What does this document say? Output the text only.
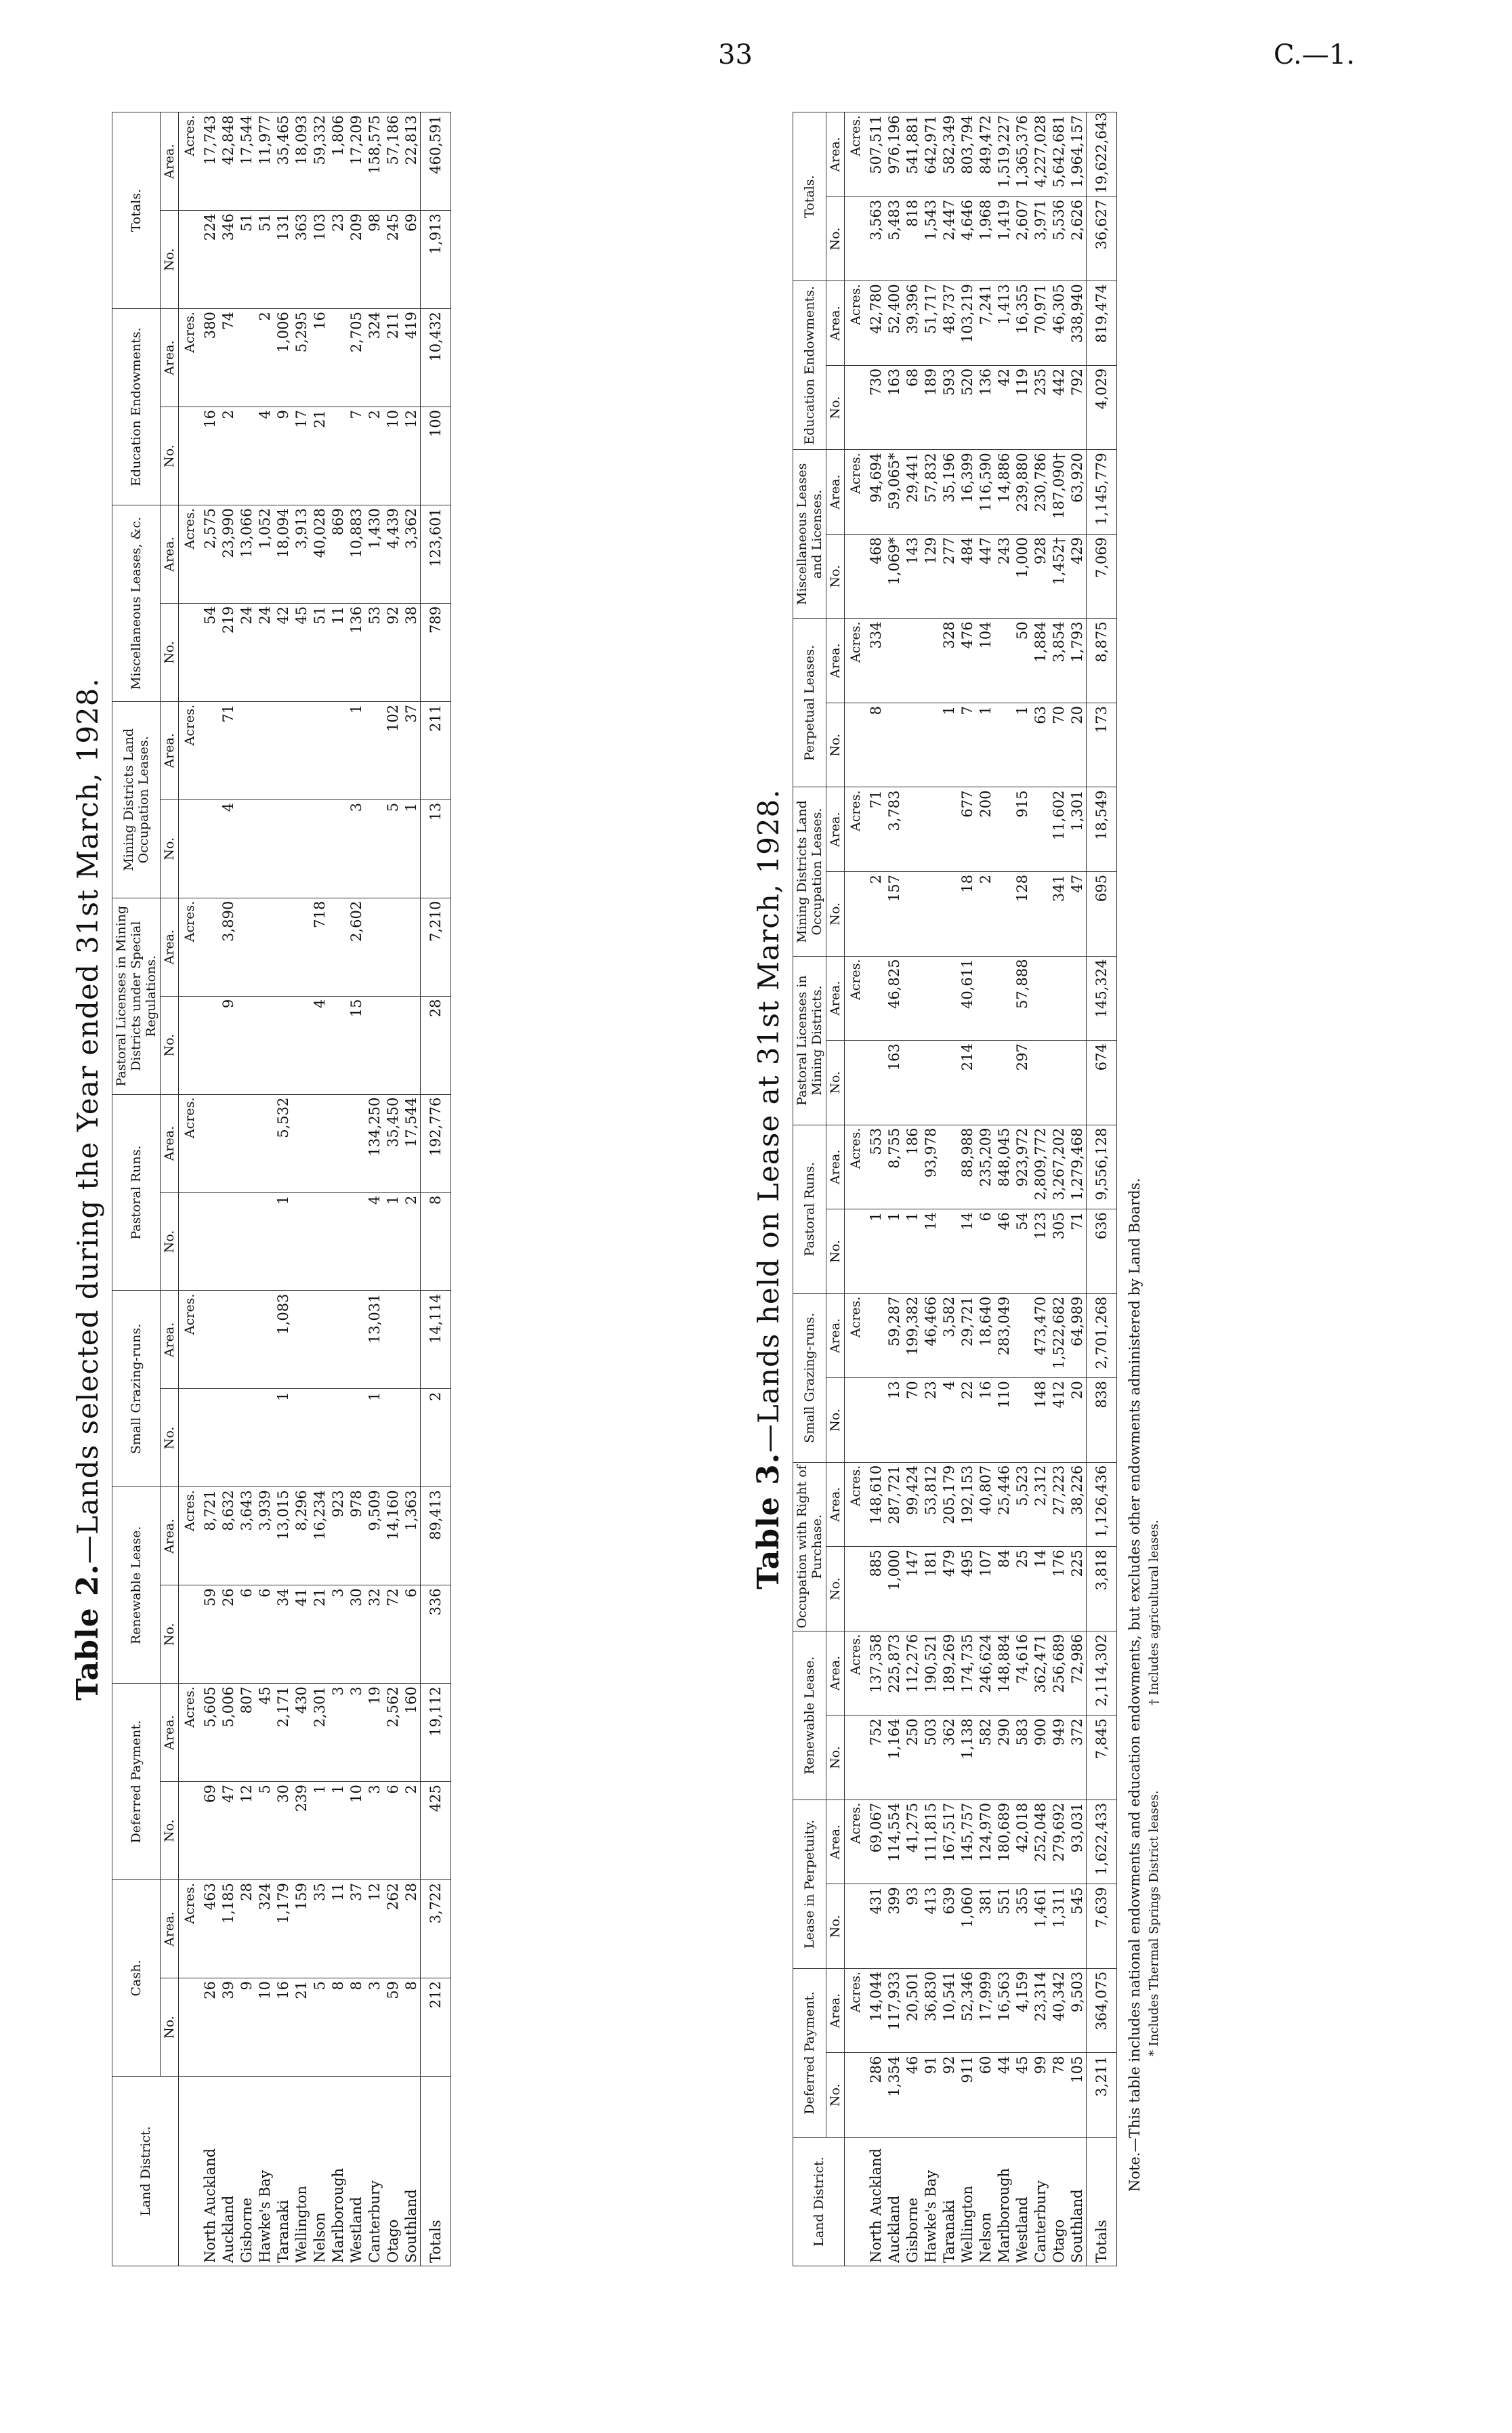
33	C.—1.
Table 2.—Lands selected during the Year ended 31st March, 1928.
Land District.	Cash.		Deferred Payment.		Renewable Lease.		Small Grazing-runs.		Pastoral Runs.		Pastoral Licenses in Mining Districts under Special Regulations.		Mining Districts Land Occupation Leases.		Miscellaneous Leases, &c.		Education Endowments.		Totals.	
	No.	Area.	No.	Area.	No.	Area.	No.	Area.	No.	Area.	No.	Area.	No.	Area.	No.	Area.	No.	Area.	No.	Area.
		Acres.		Acres.		Acres.		Acres.		Acres.		Acres.		Acres.		Acres.		Acres.		Acres.
North Auckland	26	463	69	5,605	59	8,721									54	2,575	16	380	224	17,743
Auckland	39	1,185	47	5,006	26	8,632					9	3,890	4	71	219	23,990	2	74	346	42,848
Gisborne	9	28	12	807	6	3,643									24	13,066			51	17,544
Hawke's Bay	10	324	5	45	6	3,939									24	1,052	4	2	51	11,977
Taranaki	16	1,179	30	2,171	34	13,015	1	1,083	1	5,532					42	18,094	9	1,006	131	35,465
Wellington	21	159	239	430	41	8,296									45	3,913	17	5,295	363	18,093
Nelson	5	35	1	2,301	21	16,234					4	718			51	40,028	21	16	103	59,332
Marlborough	8	11	1	3	3	923									11	869			23	1,806
Westland	8	37	10	3	30	978					15	2,602	3	1	136	10,883	7	2,705	209	17,209
Canterbury	3	12	3	19	32	9,509	1	13,031	4	134,250					53	1,430	2	324	98	158,575
Otago	59	262	6	2,562	72	14,160			1	35,450			5	102	92	4,439	10	211	245	57,186
Southland	8	28	2	160	6	1,363			2	17,544			1	37	38	3,362	12	419	69	22,813
Totals	212	3,722	425	19,112	336	89,413	2	14,114	8	192,776	28	7,210	13	211	789	123,601	100	10,432	1,913	460,591
Table 3.—Lands held on Lease at 31st March, 1928.
Land District.	Deferred Payment.		Lease in Perpetuity.		Renewable Lease.		Occupation with Right of Purchase.		Small Grazing-runs.		Pastoral Runs.		Pastoral Licenses in Mining Districts.		Mining Districts Land Occupation Leases.		Perpetual Leases.		Miscellaneous Leases and Licenses.		Education Endowments.		Totals.	
	No.	Area.	No.	Area.	No.	Area.	No.	Area.	No.	Area.	No.	Area.	No.	Area.	No.	Area.	No.	Area.	No.	Area.	No.	Area.	No.	Area.
		Acres.		Acres.		Acres.		Acres.		Acres.		Acres.		Acres.		Acres.		Acres.		Acres.		Acres.		Acres.
North Auckland	286	14,044	431	69,067	752	137,358	885	148,610			1	553			2	71	8	334	468	94,694	730	42,780	3,563	507,511
Auckland	1,354	117,933	399	114,554	1,164	225,873	1,000	287,721	13	59,287	1	8,755	163	46,825	157	3,783			1,069*	59,065*	163	52,400	5,483	976,196
Gisborne	46	20,501	93	41,275	250	112,276	147	99,424	70	199,382	1	186							143	29,441	68	39,396	818	541,881
Hawke's Bay	91	36,830	413	111,815	503	190,521	181	53,812	23	46,466	14	93,978							129	57,832	189	51,717	1,543	642,971
Taranaki	92	10,541	639	167,517	362	189,269	479	205,179	4	3,582							1	328	277	35,196	593	48,737	2,447	582,349
Wellington	911	52,346	1,060	145,757	1,138	174,735	495	192,153	22	29,721	14	88,988	214	40,611	18	677	7	476	484	16,399	520	103,219	4,646	803,794
Nelson	60	17,999	381	124,970	582	246,624	107	40,807	16	18,640	6	235,209			2	200	1	104	447	116,590	136	7,241	1,968	849,472
Marlborough	44	16,563	551	180,689	290	148,884	84	25,446	110	283,049	46	848,045							243	14,886	42	1,413	1,419	1,519,227
Westland	45	4,159	355	42,018	583	74,616	25	5,523			54	923,972	297	57,888	128	915	1	50	1,000	239,880	119	16,355	2,607	1,365,376
Canterbury	99	23,314	1,461	252,048	900	362,471	14	2,312	148	473,470	123	2,809,772					63	1,884	928	230,786	235	70,971	3,971	4,227,028
Otago	78	40,342	1,311	279,692	949	256,689	176	27,223	412	1,522,682	305	3,267,202			341	11,602	70	3,854	1,452†	187,090†	442	46,305	5,536	5,642,681
Southland	105	9,503	545	93,031	372	72,986	225	38,226	20	64,989	71	1,279,468			47	1,301	20	1,793	429	63,920	792	338,940	2,626	1,964,157
Totals	3,211	364,075	7,639	1,622,433	7,845	2,114,302	3,818	1,126,436	838	2,701,268	636	9,556,128	674	145,324	695	18,549	173	8,875	7,069	1,145,779	4,029	819,474	36,627	19,622,643
Note.—This table includes national endowments and education endowments, but excludes other endowments administered by Land Boards. * Includes Thermal Springs District leases. † Includes agricultural leases.
